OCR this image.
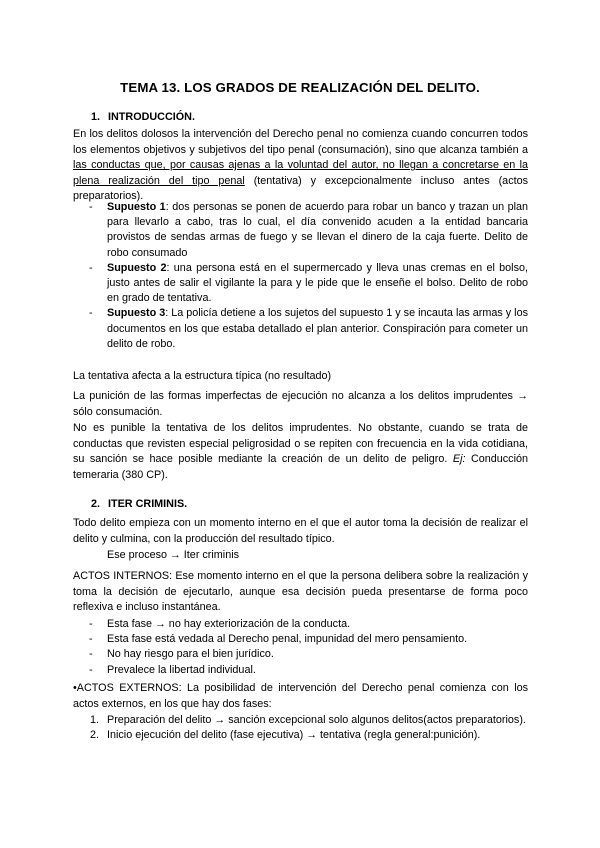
TEMA 13. LOS GRADOS DE REALIZACIÓN DEL DELITO.
1. INTRODUCCIÓN.

En los delitos dolosos la intervención del Derecho penal no comienza cuando concurren todos los elementos objetivos y subjetivos del tipo penal (consumación), sino que alcanza también a las conductas que, por causas ajenas a la voluntad del autor, no llegan a concretarse en la plena realización del tipo penal (tentativa) y excepcionalmente incluso antes (actos preparatorios).

- Supuesto 1: dos personas se ponen de acuerdo para robar un banco y trazan un plan para llevarlo a cabo, tras lo cual, el día convenido acuden a la entidad bancaria provistos de sendas armas de fuego y se llevan el dinero de la caja fuerte. Delito de robo consumado
- Supuesto 2: una persona está en el supermercado y lleva unas cremas en el bolso, justo antes de salir el vigilante la para y le pide que le enseñe el bolso. Delito de robo en grado de tentativa.
- Supuesto 3: La policía detiene a los sujetos del supuesto 1 y se incauta las armas y los documentos en los que estaba detallado el plan anterior. Conspiración para cometer un delito de robo.

La tentativa afecta a la estructura típica (no resultado)

La punición de las formas imperfectas de ejecución no alcanza a los delitos imprudentes → sólo consumación.

No es punible la tentativa de los delitos imprudentes. No obstante, cuando se trata de conductas que revisten especial peligrosidad o se repiten con frecuencia en la vida cotidiana, su sanción se hace posible mediante la creación de un delito de peligro. Ej: Conducción temeraria (380 CP).

2. ITER CRIMINIS.

Todo delito empieza con un momento interno en el que el autor toma la decisión de realizar el delito y culmina, con la producción del resultado típico.

Ese proceso → Iter criminis

ACTOS INTERNOS: Ese momento interno en el que la persona delibera sobre la realización y toma la decisión de ejecutarlo, aunque esa decisión pueda presentarse de forma poco reflexiva e incluso instantánea.

- Esta fase → no hay exteriorización de la conducta.
- Esta fase está vedada al Derecho penal, impunidad del mero pensamiento.
- No hay riesgo para el bien jurídico.
- Prevalece la libertad individual.

•ACTOS EXTERNOS: La posibilidad de intervención del Derecho penal comienza con los actos externos, en los que hay dos fases:

1. Preparación del delito → sanción excepcional solo algunos delitos(actos preparatorios).
2. Inicio ejecución del delito (fase ejecutiva) → tentativa (regla general:punición).
